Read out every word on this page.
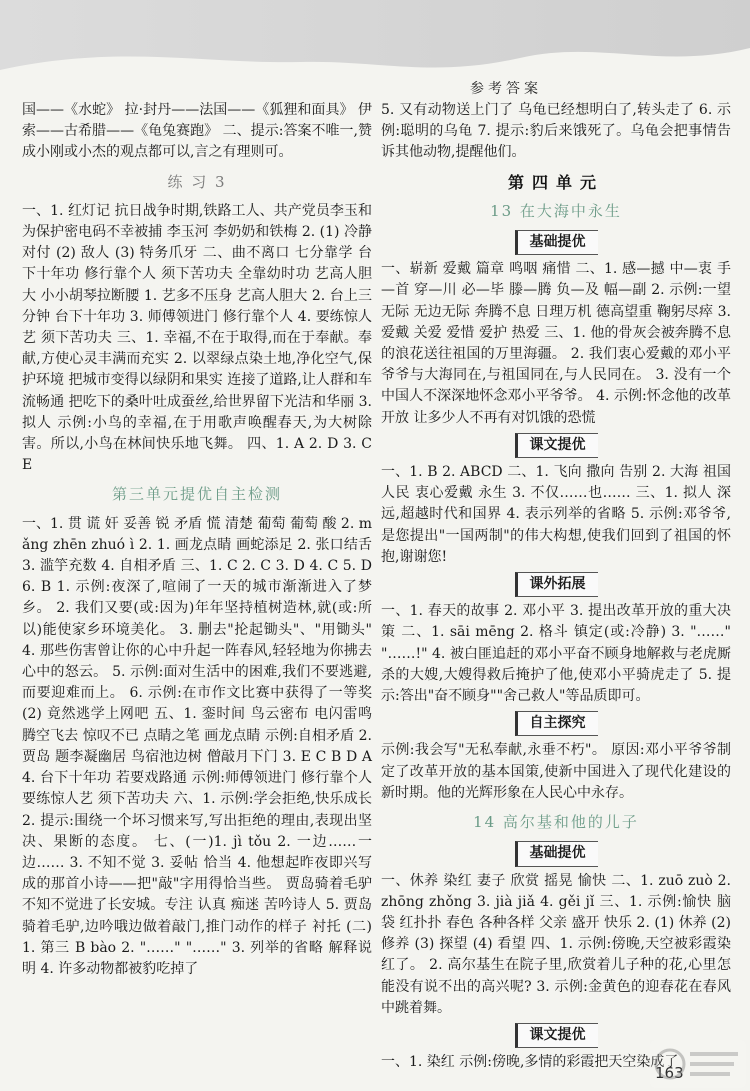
参考答案

国——《水蛇》 拉·封丹——法国——《狐狸和面具》 伊索——古希腊——《龟兔赛跑》 二、提示:答案不唯一,赞成小刚或小杰的观点都可以,言之有理则可。

练 习 3

一、1. 红灯记 抗日战争时期,铁路工人、共产党员李玉和为保护密电码不幸被捕 李玉河 李奶奶和铁梅 2. (1) 冷静对付 (2) 敌人 (3) 特务爪牙 二、曲不离口 七分靠学 台下十年功 修行靠个人 须下苦功夫 全靠幼时功 艺高人胆大 小小胡琴拉断腰 1. 艺多不压身 艺高人胆大 2. 台上三分钟 台下十年功 3. 师傅领进门 修行靠个人 4. 要练惊人艺 须下苦功夫 三、1. 幸福,不在于取得,而在于奉献。奉献,方使心灵丰满而充实 2. 以翠绿点染土地,净化空气,保护环境 把城市变得以绿阴和果实 连接了道路,让人群和车流畅通 把吃下的桑叶吐成蚕丝,给世界留下光洁和华丽 3. 拟人 示例:小鸟的幸福,在于用歌声唤醒春天,为大树除害。所以,小鸟在林间快乐地飞舞。 四、1. A 2. D 3. CE

第三单元提优自主检测

一、1. 贯 谎 奸 妥善 锐 矛盾 慌 清楚 葡萄 葡萄 酸 2. mǎng zhēn zhuó ì 2. 1. 画龙点睛 画蛇添足 2. 张口结舌 3. 滥竽充数 4. 自相矛盾 三、1. C 2. C 3. D 4. C 5. D 6. B 1. 示例:夜深了,喧闹了一天的城市渐渐进入了梦乡。 2. 我们又要(或:因为)年年坚持植树造林,就(或:所以)能使家乡环境美化。 3. 删去"抡起锄头"、"用锄头" 4. 那些伤害曾让你的心中升起一阵春风,轻轻地为你拂去心中的怒云。 5. 示例:面对生活中的困难,我们不要逃避,而要迎难而上。 6. 示例:在市作文比赛中获得了一等奖 (2) 竟然逃学上网吧 五、1. 銮时间 鸟云密布 电闪雷鸣 腾空飞去 惊叹不已 点睛之笔 画龙点睛 示例:自相矛盾 2. 贾岛 题李凝幽居 鸟宿池边树 僧敲月下门 3. E C B D A 4. 台下十年功 若要戏路通 示例:师傅领进门 修行靠个人 要练惊人艺 须下苦功夫 六、1. 示例:学会拒绝,快乐成长 2. 提示:围绕一个坏习惯来写,写出拒绝的理由,表现出坚决、果断的态度。 七、(一)1. jì tǒu 2. 一边……一边…… 3. 不知不觉 3. 妥帖 恰当 4. 他想起昨夜即兴写成的那首小诗——把"敲"字用得恰当些。 贾岛骑着毛驴不知不觉进了长安城。专注 认真 痴迷 苦吟诗人 5. 贾岛骑着毛驴,边吟哦边做着敲门,推门动作的样子 衬托 (二)1. 第三 B bào 2. "……" "……" 3. 列举的省略 解释说明 4. 许多动物都被豹吃掉了

5. 又有动物送上门了 乌龟已经想明白了,转头走了 6. 示例:聪明的乌龟 7. 提示:豹后来饿死了。乌龟会把事情告诉其他动物,提醒他们。

第四单元
13 在大海中永生
基础提优

一、崭新 爱戴 篇章 鸣咽 痛惜 二、1. 感—撼 中—衷 手—首 穿—川 必—毕 滕—腾 负—及 幅—副 2. 示例:一望无际 无边无际 奔腾不息 日理万机 德高望重 鞠躬尽瘁 3. 爱戴 关爱 爱惜 爱护 热爱 三、1. 他的骨灰会被奔腾不息的浪花送往祖国的万里海疆。 2. 我们衷心爱戴的邓小平爷爷与大海同在,与祖国同在,与人民同在。 3. 没有一个中国人不深深地怀念邓小平爷爷。 4. 示例:怀念他的改革开放 让多少人不再有对饥饿的恐慌

课文提优

一、1. B 2. ABCD 二、1. 飞向 撒向 告别 2. 大海 祖国 人民 衷心爱戴 永生 3. 不仅……也…… 三、1. 拟人 深远,超越时代和国界 4. 表示列举的省略 5. 示例:邓爷爷,是您提出"一国两制"的伟大构想,使我们回到了祖国的怀抱,谢谢您!

课外拓展

一、1. 春天的故事 2. 邓小平 3. 提出改革开放的重大决策 二、1. sāi mēng 2. 格斗 镇定(或:冷静) 3. "……" "……!" 4. 被白匪追赶的邓小平奋不顾身地解救与老虎厮杀的大嫂,大嫂得救后掩护了他,使邓小平骑虎走了 5. 提示:答出"奋不顾身""舍己救人"等品质即可。

自主探究

示例:我会写"无私奉献,永垂不朽"。 原因:邓小平爷爷制定了改革开放的基本国策,使新中国进入了现代化建设的新时期。他的光辉形象在人民心中永存。

14 高尔基和他的儿子
基础提优

一、休养 染红 妻子 欣赏 摇晃 愉快 二、1. zuō zuò 2. zhōng zhǒng 3. jià jiǎ 4. gěi jǐ 三、1. 示例:愉快 脑袋 红扑扑 春色 各种各样 父亲 盛开 快乐 2. (1) 休养 (2) 修养 (3) 探望 (4) 看望 四、1. 示例:傍晚,天空被彩霞染红了。 2. 高尔基生在院子里,欣赏着儿子种的花,心里怎能没有说不出的高兴呢? 3. 示例:金黄色的迎春花在春风中跳着舞。

课文提优

一、1. 染红 示例:傍晚,多情的彩霞把天空染成了

163
